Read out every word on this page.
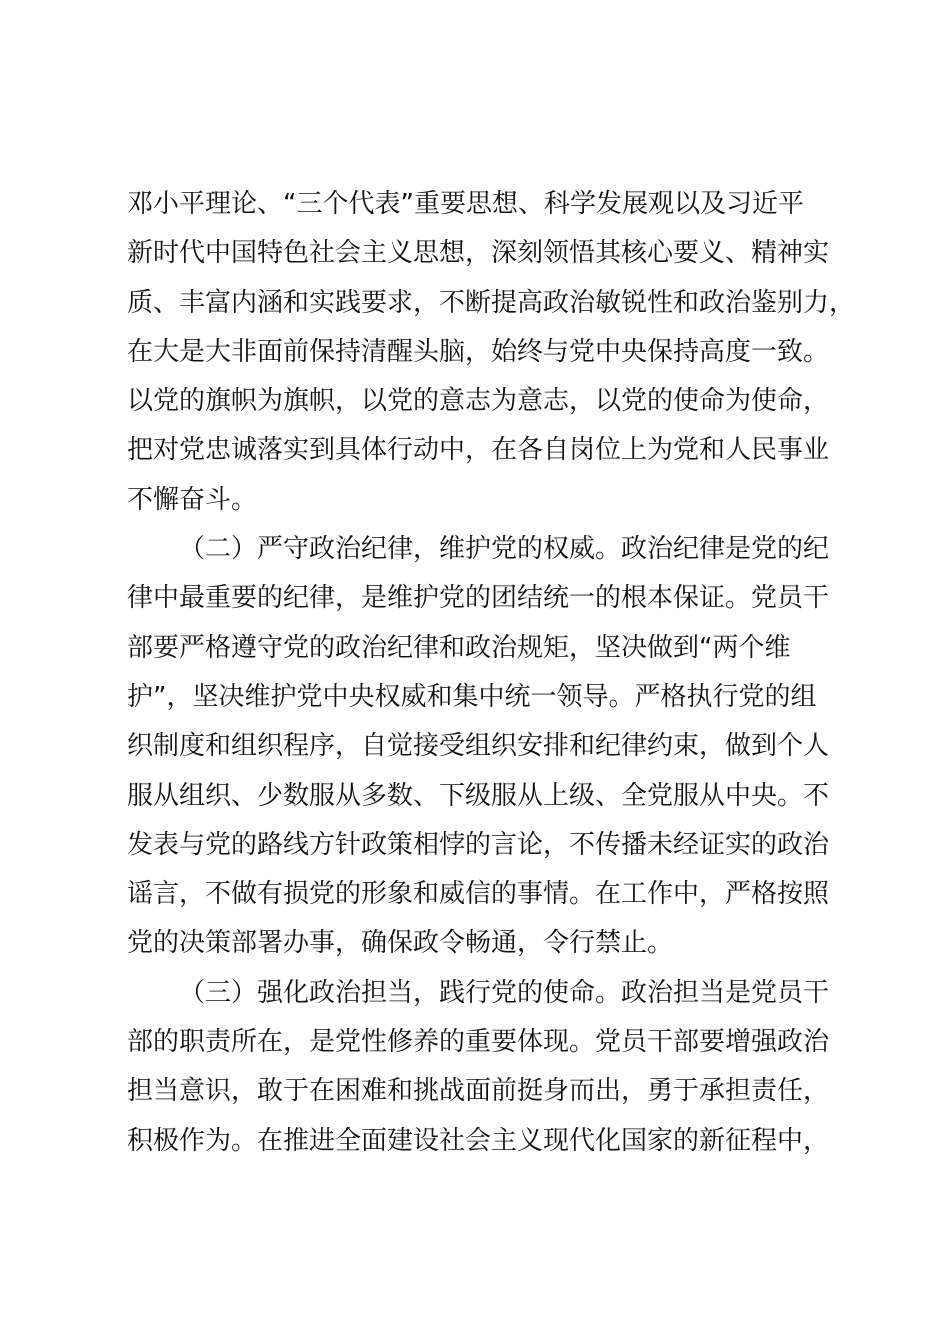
邓小平理论、“三个代表”重要思想、科学发展观以及习近平
新时代中国特色社会主义思想，深刻领悟其核心要义、精神实
质、丰富内涵和实践要求，不断提高政治敏锐性和政治鉴别力，
在大是大非面前保持清醒头脑，始终与党中央保持高度一致。
以党的旗帜为旗帜，以党的意志为意志，以党的使命为使命，
把对党忠诚落实到具体行动中，在各自岗位上为党和人民事业
不懈奋斗。
（二）严守政治纪律，维护党的权威。政治纪律是党的纪
律中最重要的纪律，是维护党的团结统一的根本保证。党员干
部要严格遵守党的政治纪律和政治规矩，坚决做到“两个维
护”，坚决维护党中央权威和集中统一领导。严格执行党的组
织制度和组织程序，自觉接受组织安排和纪律约束，做到个人
服从组织、少数服从多数、下级服从上级、全党服从中央。不
发表与党的路线方针政策相悖的言论，不传播未经证实的政治
谣言，不做有损党的形象和威信的事情。在工作中，严格按照
党的决策部署办事，确保政令畅通，令行禁止。
（三）强化政治担当，践行党的使命。政治担当是党员干
部的职责所在，是党性修养的重要体现。党员干部要增强政治
担当意识，敢于在困难和挑战面前挺身而出，勇于承担责任，
积极作为。在推进全面建设社会主义现代化国家的新征程中，
